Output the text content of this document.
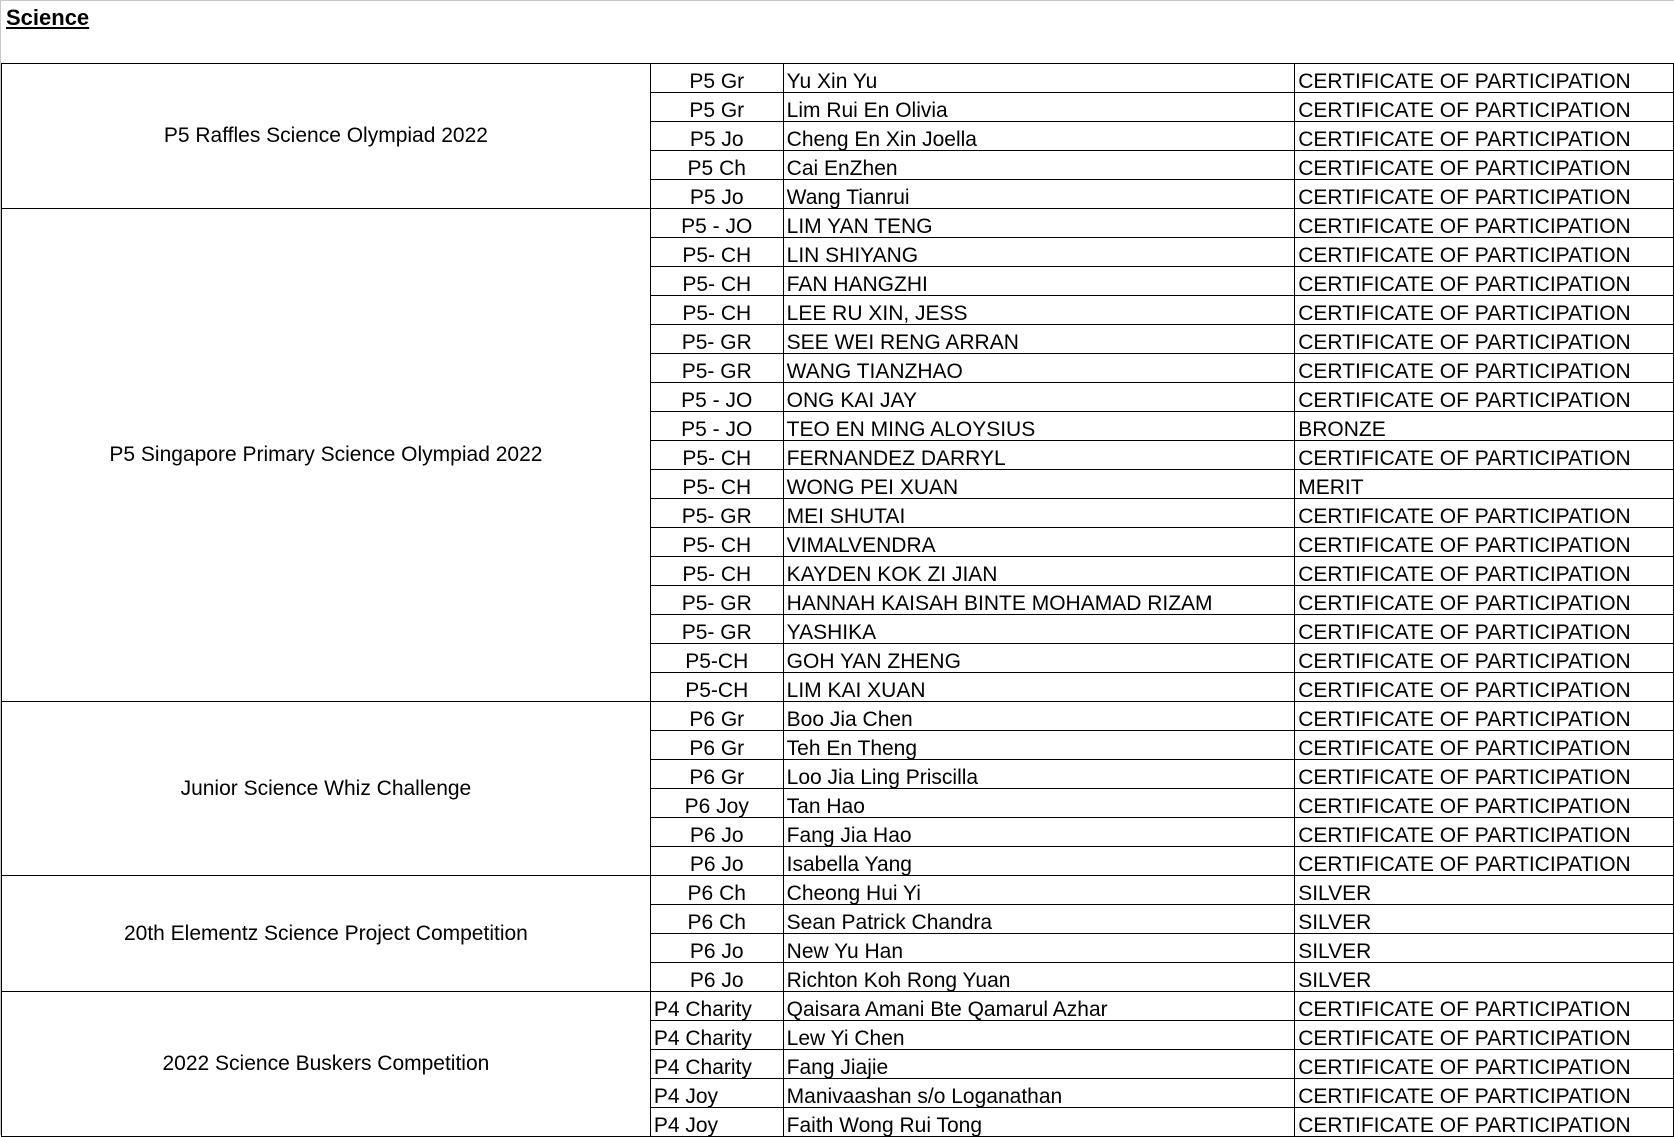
Science
P5 Raffles Science Olympiad 2022	P5 Gr	Yu Xin Yu	CERTIFICATE OF PARTICIPATION
	P5 Gr	Lim Rui En Olivia	CERTIFICATE OF PARTICIPATION
	P5 Jo	Cheng En Xin Joella	CERTIFICATE OF PARTICIPATION
	P5 Ch	Cai EnZhen	CERTIFICATE OF PARTICIPATION
	P5 Jo	Wang Tianrui	CERTIFICATE OF PARTICIPATION
P5 Singapore Primary Science Olympiad 2022	P5 - JO	LIM YAN TENG	CERTIFICATE OF PARTICIPATION
	P5- CH	LIN SHIYANG	CERTIFICATE OF PARTICIPATION
	P5- CH	FAN HANGZHI	CERTIFICATE OF PARTICIPATION
	P5- CH	LEE RU XIN, JESS	CERTIFICATE OF PARTICIPATION
	P5- GR	SEE WEI RENG ARRAN	CERTIFICATE OF PARTICIPATION
	P5- GR	WANG TIANZHAO	CERTIFICATE OF PARTICIPATION
	P5 - JO	ONG KAI JAY	CERTIFICATE OF PARTICIPATION
	P5 - JO	TEO EN MING ALOYSIUS	BRONZE
	P5- CH	FERNANDEZ DARRYL	CERTIFICATE OF PARTICIPATION
	P5- CH	WONG PEI XUAN	MERIT
	P5- GR	MEI SHUTAI	CERTIFICATE OF PARTICIPATION
	P5- CH	VIMALVENDRA	CERTIFICATE OF PARTICIPATION
	P5- CH	KAYDEN KOK ZI JIAN	CERTIFICATE OF PARTICIPATION
	P5- GR	HANNAH KAISAH BINTE MOHAMAD RIZAM	CERTIFICATE OF PARTICIPATION
	P5- GR	YASHIKA	CERTIFICATE OF PARTICIPATION
	P5-CH	GOH YAN ZHENG	CERTIFICATE OF PARTICIPATION
	P5-CH	LIM KAI XUAN	CERTIFICATE OF PARTICIPATION
Junior Science Whiz Challenge	P6 Gr	Boo Jia Chen	CERTIFICATE OF PARTICIPATION
	P6 Gr	Teh En Theng	CERTIFICATE OF PARTICIPATION
	P6 Gr	Loo Jia Ling Priscilla	CERTIFICATE OF PARTICIPATION
	P6 Joy	Tan Hao	CERTIFICATE OF PARTICIPATION
	P6 Jo	Fang Jia Hao	CERTIFICATE OF PARTICIPATION
	P6 Jo	Isabella Yang	CERTIFICATE OF PARTICIPATION
20th Elementz Science Project Competition	P6 Ch	Cheong Hui Yi	SILVER
	P6 Ch	Sean Patrick Chandra	SILVER
	P6 Jo	New Yu Han	SILVER
	P6 Jo	Richton Koh Rong Yuan	SILVER
2022 Science Buskers Competition	P4 Charity	Qaisara Amani Bte Qamarul Azhar	CERTIFICATE OF PARTICIPATION
	P4 Charity	Lew Yi Chen	CERTIFICATE OF PARTICIPATION
	P4 Charity	Fang Jiajie	CERTIFICATE OF PARTICIPATION
	P4 Joy	Manivaashan s/o Loganathan	CERTIFICATE OF PARTICIPATION
	P4 Joy	Faith Wong Rui Tong	CERTIFICATE OF PARTICIPATION
